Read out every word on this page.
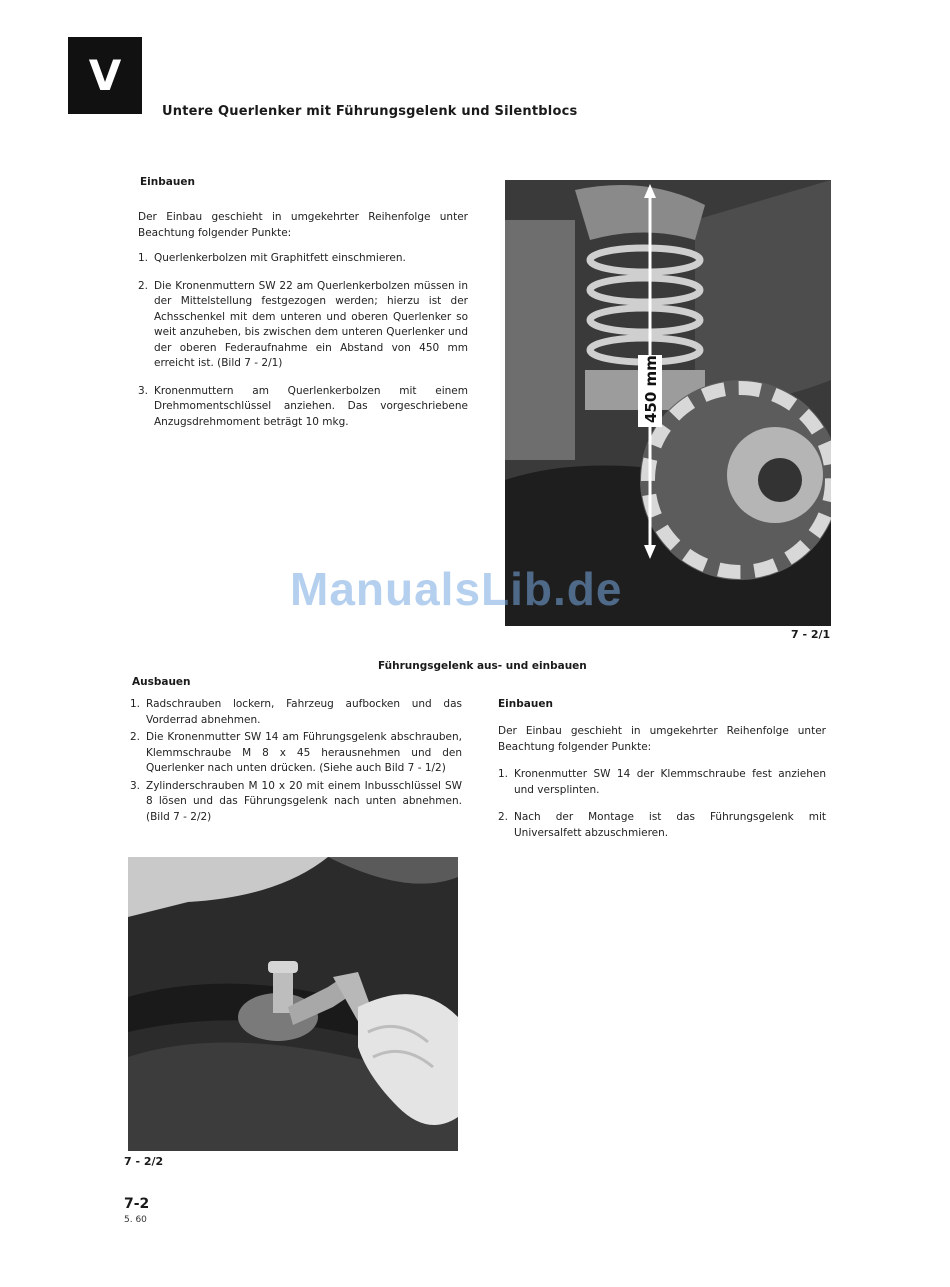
V
Untere Querlenker mit Führungsgelenk und Silentblocs
Einbauen

Der Einbau geschieht in umgekehrter Reihenfolge unter Beachtung folgender Punkte:

1. Querlenkerbolzen mit Graphitfett einschmieren.
2. Die Kronenmuttern SW 22 am Querlenkerbolzen müssen in der Mittelstellung festgezogen werden; hierzu ist der Achsschenkel mit dem unteren und oberen Querlenker so weit anzuheben, bis zwischen dem unteren Querlenker und der oberen Federaufnahme ein Abstand von 450 mm erreicht ist. (Bild 7 - 2/1)
3. Kronenmuttern am Querlenkerbolzen mit einem Drehmomentschlüssel anziehen. Das vorgeschriebene Anzugsdrehmoment beträgt 10 mkg.	450 mm
7 - 2/1
ManualsLib.de
Führungsgelenk aus- und einbauen
Ausbauen
1. Radschrauben lockern, Fahrzeug aufbocken und das Vorderrad abnehmen.
2. Die Kronenmutter SW 14 am Führungsgelenk abschrauben, Klemmschraube M 8 x 45 herausnehmen und den Querlenker nach unten drücken. (Siehe auch Bild 7 - 1/2)
3. Zylinderschrauben M 10 x 20 mit einem Inbusschlüssel SW 8 lösen und das Führungsgelenk nach unten abnehmen. (Bild 7 - 2/2)
Einbauen

Der Einbau geschieht in umgekehrter Reihenfolge unter Beachtung folgender Punkte:

1. Kronenmutter SW 14 der Klemmschraube fest anziehen und versplinten.
2. Nach der Montage ist das Führungsgelenk mit Universalfett abzuschmieren.
7 - 2/2
7-2
5. 60
